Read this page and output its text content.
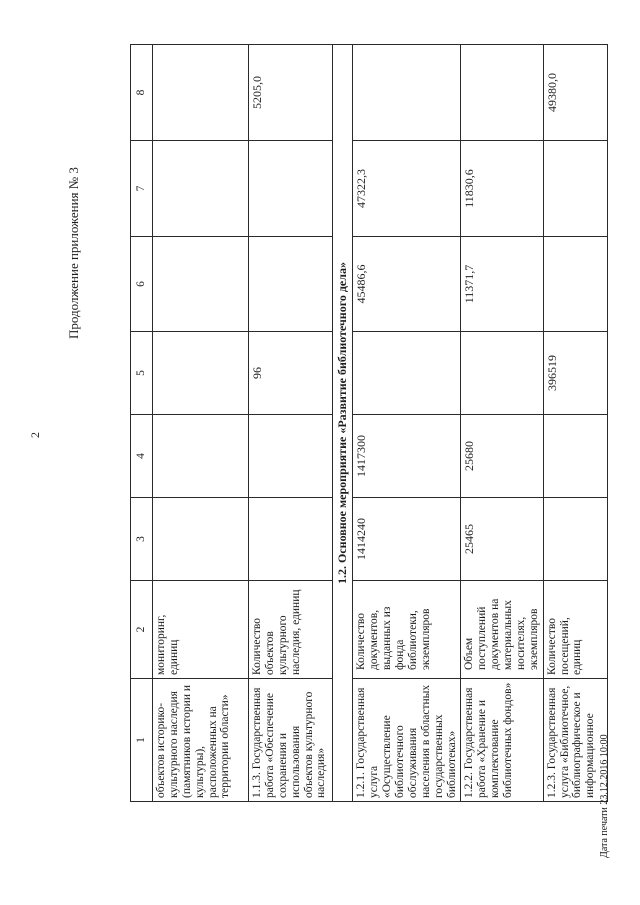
2
Продолжение приложения № 3
1	2	3	4	5	6	7	8
объектов историко-культурного наследия (памятников истории и культуры), расположенных на территории области»	мониторинг, единиц						
1.1.3. Государственная работа «Обеспечение сохранения и использования объектов культурного наследия»	Количество объектов культурного наследия, единиц			96			5205,0
1.2. Основное мероприятие «Развитие библиотечного дела»							
1.2.1. Государственная услуга «Осуществление библиотечного обслуживания населения в областных государственных библиотеках»	Количество документов, выданных из фонда библиотеки, экземпляров	1414240	1417300		45486,6	47322,3	
1.2.2. Государственная работа «Хранение и комплектование библиотечных фондов»	Объем поступлений документов на материальных носителях, экземпляров	25465	25680		11371,7	11830,6	
1.2.3. Государственная услуга «Библиотечное, библиографическое и информационное	Количество посещений, единиц			396519			49380,0
Дата печати 23.12.2016 10:00
